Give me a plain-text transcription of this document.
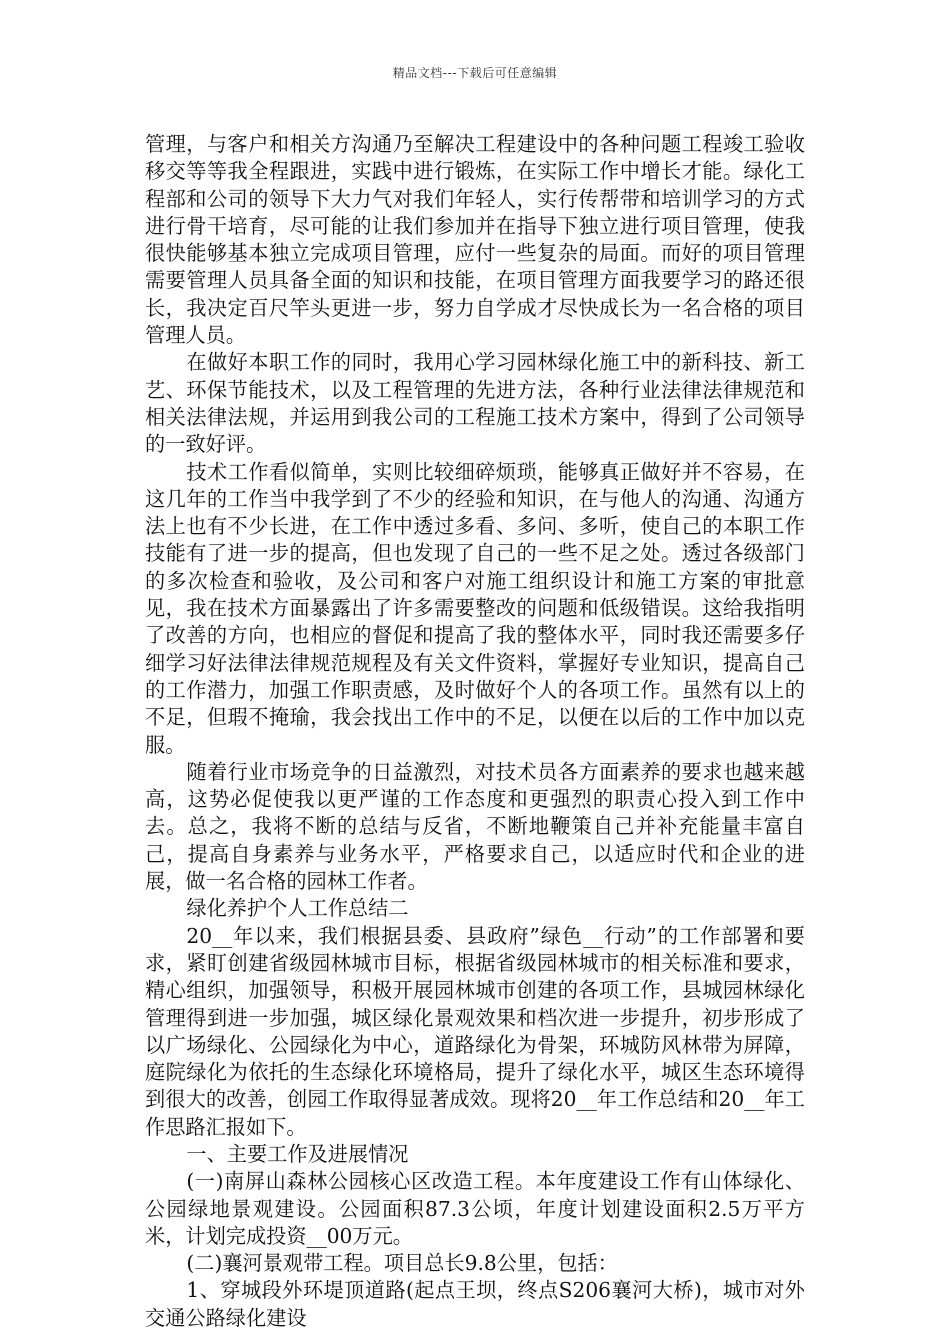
精品文档---下载后可任意编辑

管理，与客户和相关方沟通乃至解决工程建设中的各种问题工程竣工验收移交等等我全程跟进，实践中进行锻炼，在实际工作中增长才能。绿化工程部和公司的领导下大力气对我们年轻人，实行传帮带和培训学习的方式进行骨干培育，尽可能的让我们参加并在指导下独立进行项目管理，使我很快能够基本独立完成项目管理，应付一些复杂的局面。而好的项目管理需要管理人员具备全面的知识和技能，在项目管理方面我要学习的路还很长，我决定百尺竿头更进一步，努力自学成才尽快成长为一名合格的项目管理人员。

在做好本职工作的同时，我用心学习园林绿化施工中的新科技、新工艺、环保节能技术，以及工程管理的先进方法，各种行业法律法律规范和相关法律法规，并运用到我公司的工程施工技术方案中，得到了公司领导的一致好评。

技术工作看似简单，实则比较细碎烦琐，能够真正做好并不容易，在这几年的工作当中我学到了不少的经验和知识，在与他人的沟通、沟通方法上也有不少长进，在工作中透过多看、多问、多听，使自己的本职工作技能有了进一步的提高，但也发现了自己的一些不足之处。透过各级部门的多次检查和验收，及公司和客户对施工组织设计和施工方案的审批意见，我在技术方面暴露出了许多需要整改的问题和低级错误。这给我指明了改善的方向，也相应的督促和提高了我的整体水平，同时我还需要多仔细学习好法律法律规范规程及有关文件资料，掌握好专业知识，提高自己的工作潜力，加强工作职责感，及时做好个人的各项工作。虽然有以上的不足，但瑕不掩瑜，我会找出工作中的不足，以便在以后的工作中加以克服。

随着行业市场竞争的日益激烈，对技术员各方面素养的要求也越来越高，这势必促使我以更严谨的工作态度和更强烈的职责心投入到工作中去。总之，我将不断的总结与反省，不断地鞭策自己并补充能量丰富自己，提高自身素养与业务水平，严格要求自己，以适应时代和企业的进展，做一名合格的园林工作者。

绿化养护个人工作总结二

20__年以来，我们根据县委、县政府”绿色__行动”的工作部署和要求，紧盯创建省级园林城市目标，根据省级园林城市的相关标准和要求，精心组织，加强领导，积极开展园林城市创建的各项工作，县城园林绿化管理得到进一步加强，城区绿化景观效果和档次进一步提升，初步形成了以广场绿化、公园绿化为中心，道路绿化为骨架，环城防风林带为屏障，庭院绿化为依托的生态绿化环境格局，提升了绿化水平，城区生态环境得到很大的改善，创园工作取得显著成效。现将20__年工作总结和20__年工作思路汇报如下。

一、主要工作及进展情况

(一)南屏山森林公园核心区改造工程。本年度建设工作有山体绿化、公园绿地景观建设。公园面积87.3公顷，年度计划建设面积2.5万平方米，计划完成投资__00万元。

(二)襄河景观带工程。项目总长9.8公里，包括：

1、穿城段外环堤顶道路(起点王坝，终点S206襄河大桥)，城市对外交通公路绿化建设
